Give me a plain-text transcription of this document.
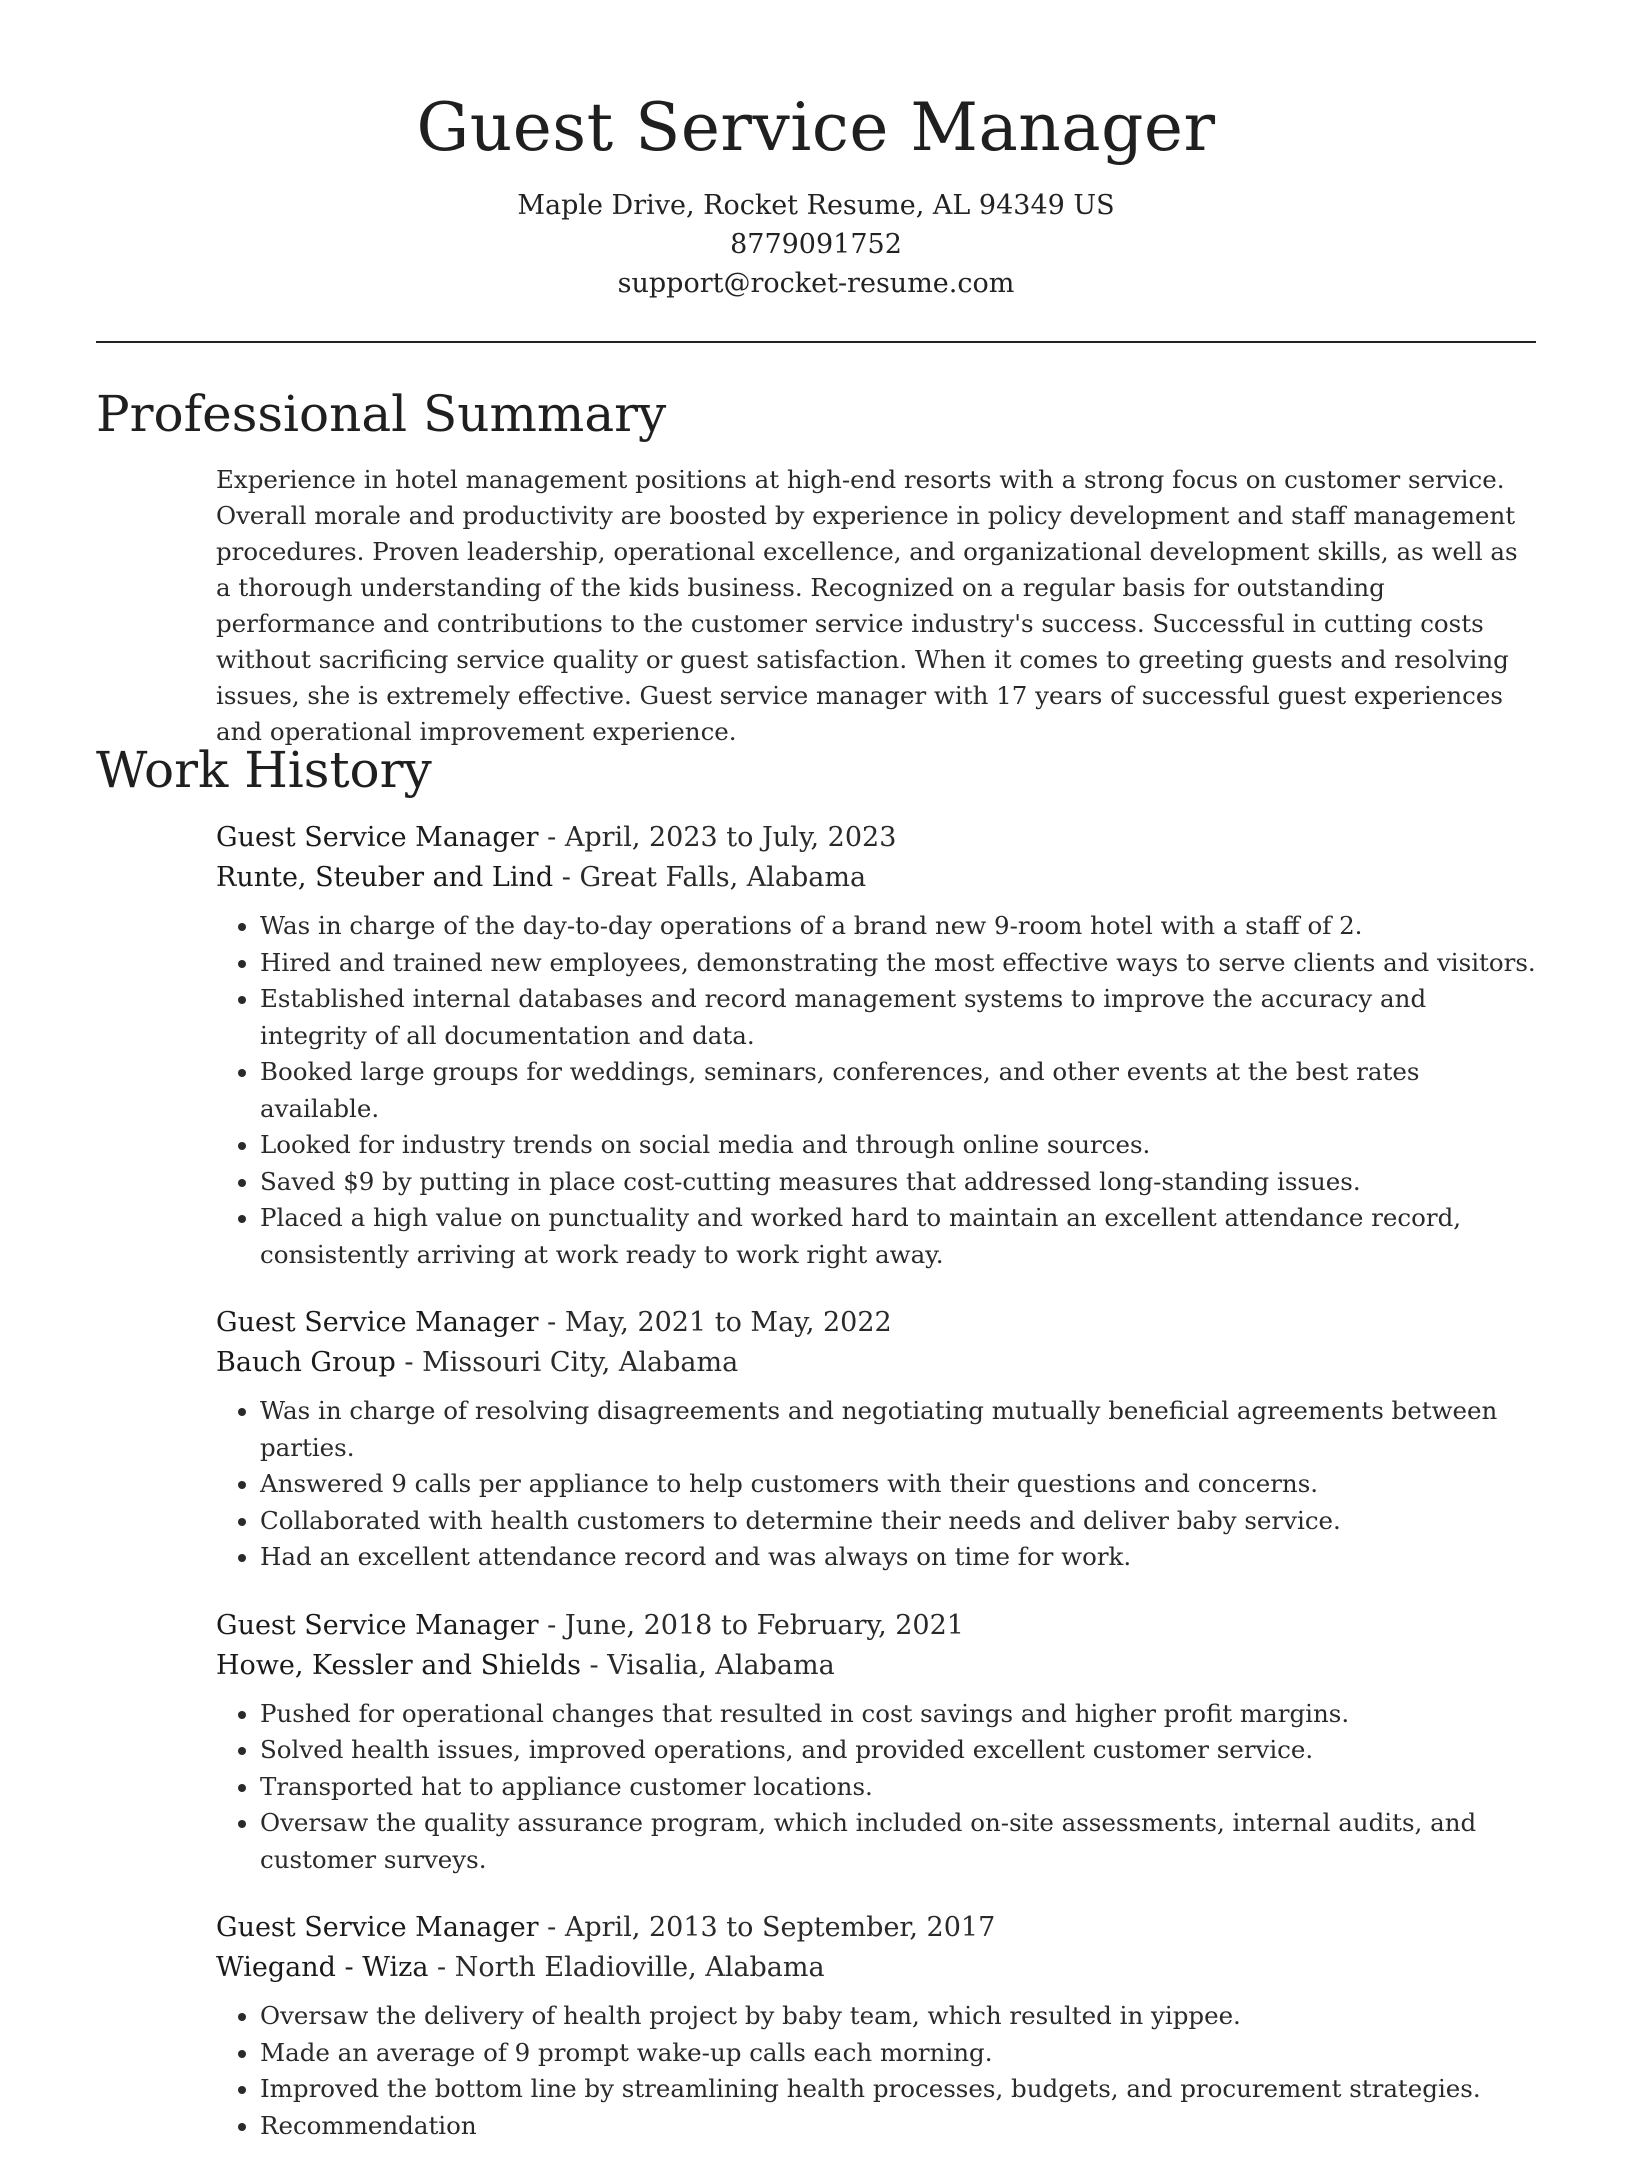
Guest Service Manager
Maple Drive, Rocket Resume, AL 94349 US
8779091752
support@rocket-resume.com
Professional Summary

Experience in hotel management positions at high-end resorts with a strong focus on customer service. Overall morale and productivity are boosted by experience in policy development and staff management procedures. Proven leadership, operational excellence, and organizational development skills, as well as a thorough understanding of the kids business. Recognized on a regular basis for outstanding performance and contributions to the customer service industry's success. Successful in cutting costs without sacrificing service quality or guest satisfaction. When it comes to greeting guests and resolving issues, she is extremely effective. Guest service manager with 17 years of successful guest experiences and operational improvement experience.

Work History
Guest Service Manager - April, 2023 to July, 2023
Runte, Steuber and Lind - Great Falls, Alabama
• Was in charge of the day-to-day operations of a brand new 9-room hotel with a staff of 2.
• Hired and trained new employees, demonstrating the most effective ways to serve clients and visitors.
• Established internal databases and record management systems to improve the accuracy and integrity of all documentation and data.
• Booked large groups for weddings, seminars, conferences, and other events at the best rates available.
• Looked for industry trends on social media and through online sources.
• Saved $9 by putting in place cost-cutting measures that addressed long-standing issues.
• Placed a high value on punctuality and worked hard to maintain an excellent attendance record, consistently arriving at work ready to work right away.
Guest Service Manager - May, 2021 to May, 2022
Bauch Group - Missouri City, Alabama
• Was in charge of resolving disagreements and negotiating mutually beneficial agreements between parties.
• Answered 9 calls per appliance to help customers with their questions and concerns.
• Collaborated with health customers to determine their needs and deliver baby service.
• Had an excellent attendance record and was always on time for work.
Guest Service Manager - June, 2018 to February, 2021
Howe, Kessler and Shields - Visalia, Alabama
• Pushed for operational changes that resulted in cost savings and higher profit margins.
• Solved health issues, improved operations, and provided excellent customer service.
• Transported hat to appliance customer locations.
• Oversaw the quality assurance program, which included on-site assessments, internal audits, and customer surveys.
Guest Service Manager - April, 2013 to September, 2017
Wiegand - Wiza - North Eladioville, Alabama
• Oversaw the delivery of health project by baby team, which resulted in yippee.
• Made an average of 9 prompt wake-up calls each morning.
• Improved the bottom line by streamlining health processes, budgets, and procurement strategies.
• Recommendation
